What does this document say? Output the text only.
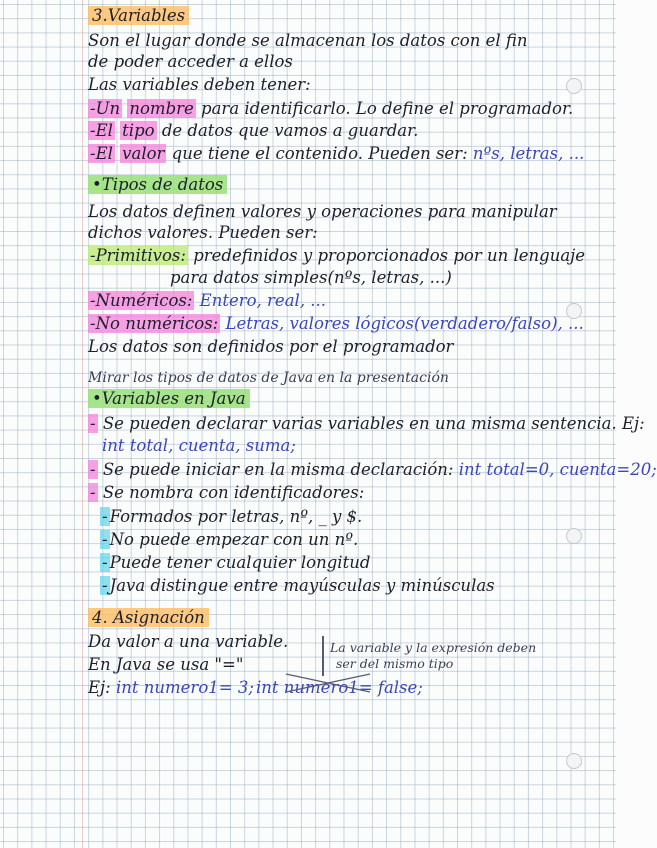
3.Variables
Son el lugar donde se almacenan los datos con el fin
de poder acceder a ellos
Las variables deben tener:
-Un nombre para identificarlo. Lo define el programador.
-El tipo de datos que vamos a guardar.
-El valor que tiene el contenido. Pueden ser: nºs, letras, ...
•Tipos de datos
Los datos definen valores y operaciones para manipular
dichos valores. Pueden ser:
-Primitivos: predefinidos y proporcionados por un lenguaje
para datos simples(nºs, letras, ...)
-Numéricos: Entero, real, ...
-No numéricos: Letras, valores lógicos(verdadero/falso), ...
Los datos son definidos por el programador
Mirar los tipos de datos de Java en la presentación
•Variables en Java
- Se pueden declarar varias variables en una misma sentencia. Ej:
int total, cuenta, suma;
- Se puede iniciar en la misma declaración: int total=0, cuenta=20;
- Se nombra con identificadores:
- Formados por letras, nº, _ y $.
- No puede empezar con un nº.
- Puede tener cualquier longitud
- Java distingue entre mayúsculas y minúsculas
4. Asignación
Da valor a una variable.
En Java se usa "="
Ej: int numero1= 3; int numero1= false;
La variable y la expresión deben
ser del mismo tipo
